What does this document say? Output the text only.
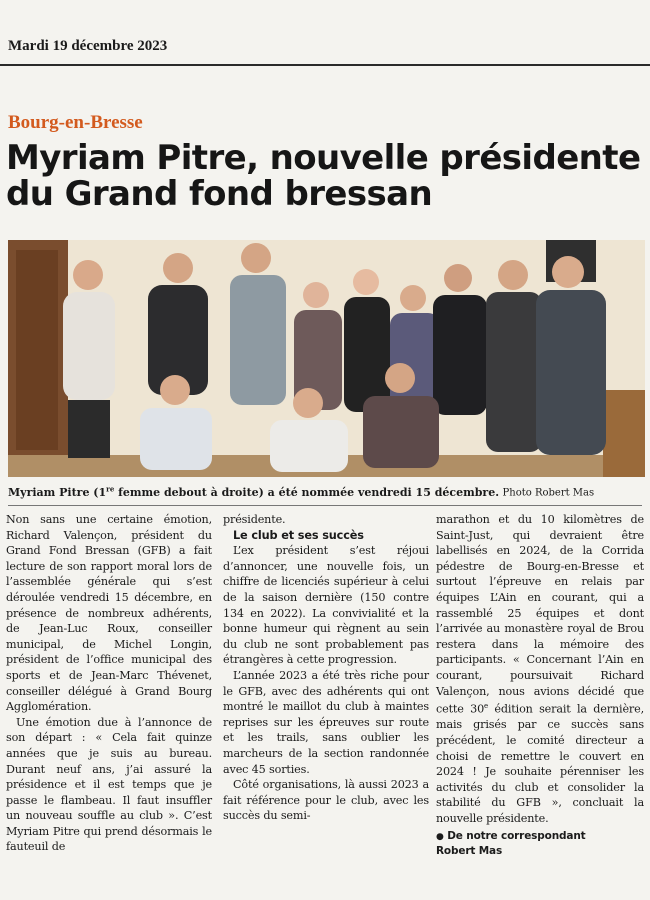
Mardi 19 décembre 2023
Bourg-en-Bresse
Myriam Pitre, nouvelle présidente
du Grand fond bressan
Myriam Pitre (1re femme debout à droite) a été nommée vendredi 15 décembre. Photo Robert Mas

Non sans une certaine émotion, Richard Valençon, président du Grand Fond Bressan (GFB) a fait lecture de son rapport moral lors de l’assemblée générale qui s’est déroulée vendredi 15 décembre, en présence de nombreux adhérents, de Jean-Luc Roux, conseiller municipal, de Michel Longin, président de l’office municipal des sports et de Jean-Marc Thévenet, conseiller délégué à Grand Bourg Agglomération.

Une émotion due à l’annonce de son départ : « Cela fait quinze années que je suis au bureau. Durant neuf ans, j’ai assuré la présidence et il est temps que je passe le flambeau. Il faut insuffler un nouveau souffle au club ». C’est Myriam Pitre qui prend désormais le fauteuil de

présidente.

Le club et ses succès

L’ex président s’est réjoui d’annoncer, une nouvelle fois, un chiffre de licenciés supérieur à celui de la saison dernière (150 contre 134 en 2022). La convivialité et la bonne humeur qui règnent au sein du club ne sont probablement pas étrangères à cette progression.

L’année 2023 a été très riche pour le GFB, avec des adhérents qui ont montré le maillot du club à maintes reprises sur les épreuves sur route et les trails, sans oublier les marcheurs de la section randonnée avec 45 sorties.

Côté organisations, là aussi 2023 a fait référence pour le club, avec les succès du semi-

marathon et du 10 kilomètres de Saint-Just, qui devraient être labellisés en 2024, de la Corrida pédestre de Bourg-en-Bresse et surtout l’épreuve en relais par équipes L’Ain en courant, qui a rassemblé 25 équipes et dont l’arrivée au monastère royal de Brou restera dans la mémoire des participants. « Concernant l’Ain en courant, poursuivait Richard Valençon, nous avions décidé que cette 30e édition serait la dernière, mais grisés par ce succès sans précédent, le comité directeur a choisi de remettre le couvert en 2024 ! Je souhaite pérenniser les activités du club et consolider la stabilité du GFB », concluait la nouvelle présidente.

● De notre correspondant
Robert Mas
